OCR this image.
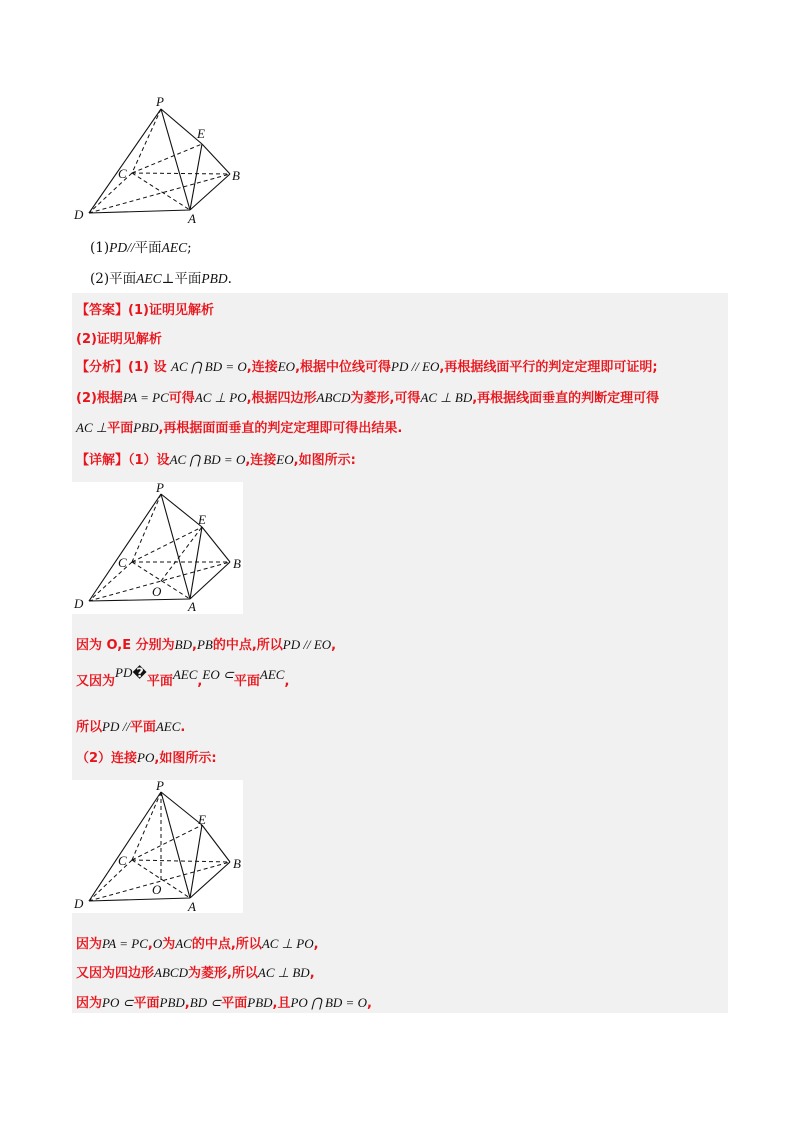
P
E
C	B
D	A
(1)PD//平面AEC;
(2)平面AEC⊥平面PBD.
【答案】(1)证明见解析
(2)证明见解析
【分析】(1) 设 AC ⋂ BD = O,连接EO,根据中位线可得PD // EO,再根据线面平行的判定定理即可证明;
(2)根据PA = PC可得AC ⊥ PO,根据四边形ABCD为菱形,可得AC ⊥ BD,再根据线面垂直的判断定理可得
AC ⊥平面PBD,再根据面面垂直的判定定理即可得出结果.
【详解】（1）设AC ⋂ BD = O,连接EO,如图所示:
P
E
C	B
O
D	A
因为 O,E 分别为BD,PB的中点,所以PD // EO,
又因为PD�平面AEC,EO ⊂平面AEC,
所以PD //平面AEC.
（2）连接PO,如图所示:
P
E
C	B
O
D	A
因为PA = PC,O为AC的中点,所以AC ⊥ PO,
又因为四边形ABCD为菱形,所以AC ⊥ BD,
因为PO ⊂平面PBD,BD ⊂平面PBD,且PO ⋂ BD = O,
